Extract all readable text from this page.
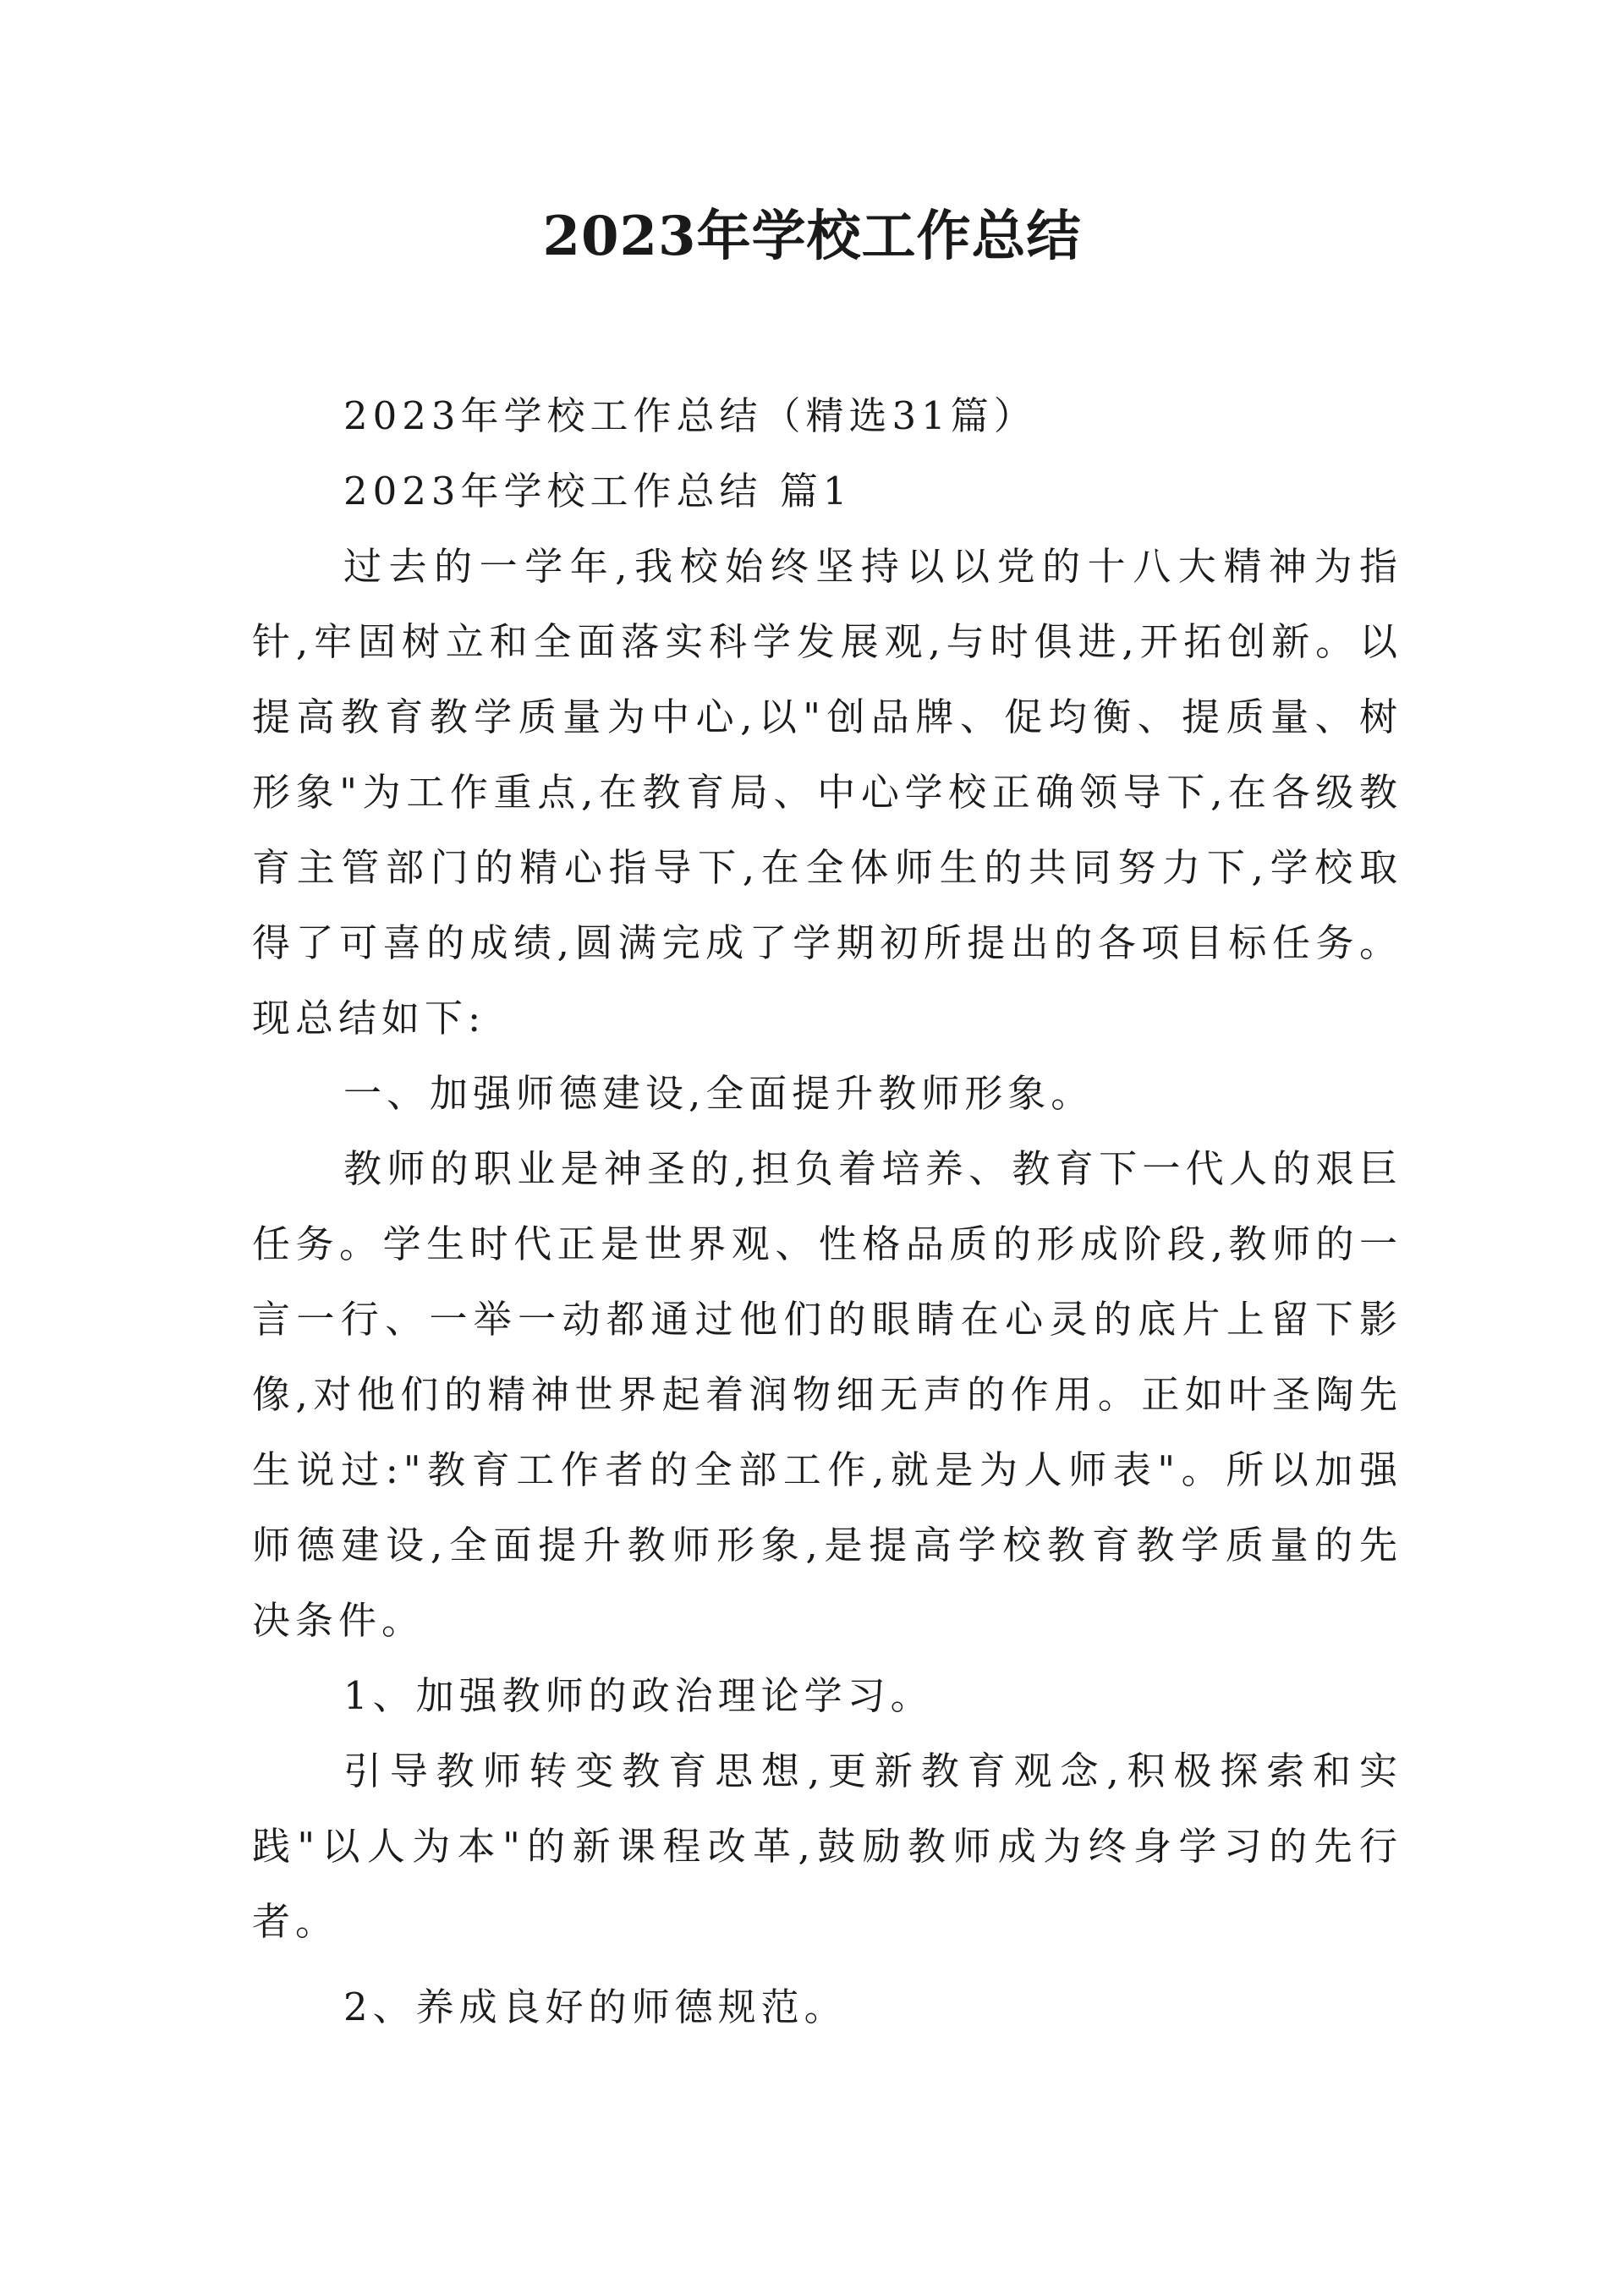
2023年学校工作总结

2023年学校工作总结（精选31篇）

2023年学校工作总结 篇1

过去的一学年,我校始终坚持以以党的十八大精神为指针,牢固树立和全面落实科学发展观,与时俱进,开拓创新。以提高教育教学质量为中心,以"创品牌、促均衡、提质量、树形象"为工作重点,在教育局、中心学校正确领导下,在各级教育主管部门的精心指导下,在全体师生的共同努力下,学校取得了可喜的成绩,圆满完成了学期初所提出的各项目标任务。现总结如下:

一、加强师德建设,全面提升教师形象。

教师的职业是神圣的,担负着培养、教育下一代人的艰巨任务。学生时代正是世界观、性格品质的形成阶段,教师的一言一行、一举一动都通过他们的眼睛在心灵的底片上留下影像,对他们的精神世界起着润物细无声的作用。正如叶圣陶先生说过:"教育工作者的全部工作,就是为人师表"。所以加强师德建设,全面提升教师形象,是提高学校教育教学质量的先决条件。

1、加强教师的政治理论学习。

引导教师转变教育思想,更新教育观念,积极探索和实践"以人为本"的新课程改革,鼓励教师成为终身学习的先行者。

2、养成良好的师德规范。
